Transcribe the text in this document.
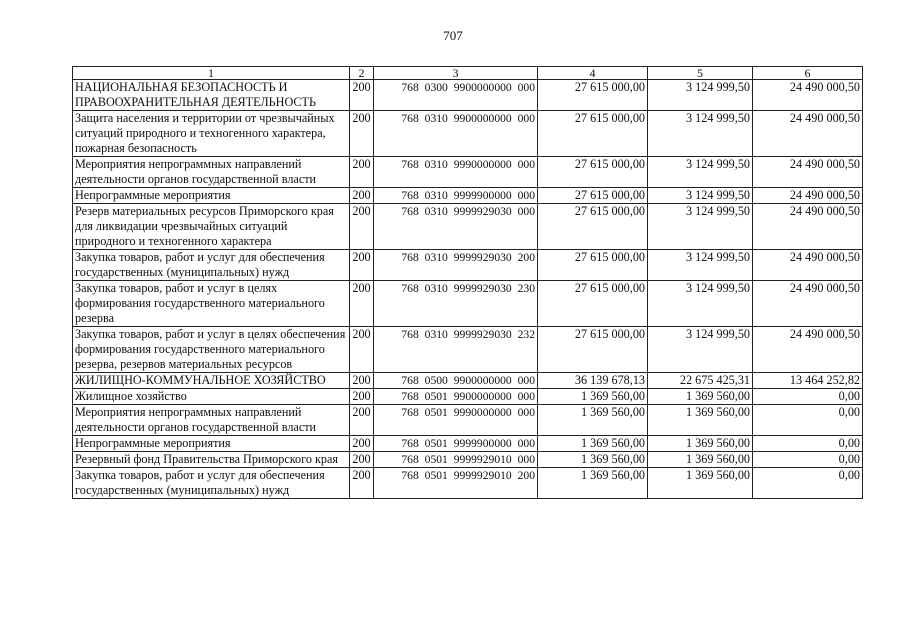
707
1	2	3	4	5	6
НАЦИОНАЛЬНАЯ БЕЗОПАСНОСТЬ И ПРАВООХРАНИТЕЛЬНАЯ ДЕЯТЕЛЬНОСТЬ	200	768 0300 9900000000 000	27 615 000,00	3 124 999,50	24 490 000,50
Защита населения и территории от чрезвычайных ситуаций природного и техногенного характера, пожарная безопасность	200	768 0310 9900000000 000	27 615 000,00	3 124 999,50	24 490 000,50
Мероприятия непрограммных направлений деятельности органов государственной власти	200	768 0310 9990000000 000	27 615 000,00	3 124 999,50	24 490 000,50
Непрограммные мероприятия	200	768 0310 9999900000 000	27 615 000,00	3 124 999,50	24 490 000,50
Резерв материальных ресурсов Приморского края для ликвидации чрезвычайных ситуаций природного и техногенного характера	200	768 0310 9999929030 000	27 615 000,00	3 124 999,50	24 490 000,50
Закупка товаров, работ и услуг для обеспечения государственных (муниципальных) нужд	200	768 0310 9999929030 200	27 615 000,00	3 124 999,50	24 490 000,50
Закупка товаров, работ и услуг в целях формирования государственного материального резерва	200	768 0310 9999929030 230	27 615 000,00	3 124 999,50	24 490 000,50
Закупка товаров, работ и услуг в целях обеспечения формирования государственного материального резерва, резервов материальных ресурсов	200	768 0310 9999929030 232	27 615 000,00	3 124 999,50	24 490 000,50
ЖИЛИЩНО-КОММУНАЛЬНОЕ ХОЗЯЙСТВО	200	768 0500 9900000000 000	36 139 678,13	22 675 425,31	13 464 252,82
Жилищное хозяйство	200	768 0501 9900000000 000	1 369 560,00	1 369 560,00	0,00
Мероприятия непрограммных направлений деятельности органов государственной власти	200	768 0501 9990000000 000	1 369 560,00	1 369 560,00	0,00
Непрограммные мероприятия	200	768 0501 9999900000 000	1 369 560,00	1 369 560,00	0,00
Резервный фонд Правительства Приморского края	200	768 0501 9999929010 000	1 369 560,00	1 369 560,00	0,00
Закупка товаров, работ и услуг для обеспечения государственных (муниципальных) нужд	200	768 0501 9999929010 200	1 369 560,00	1 369 560,00	0,00
